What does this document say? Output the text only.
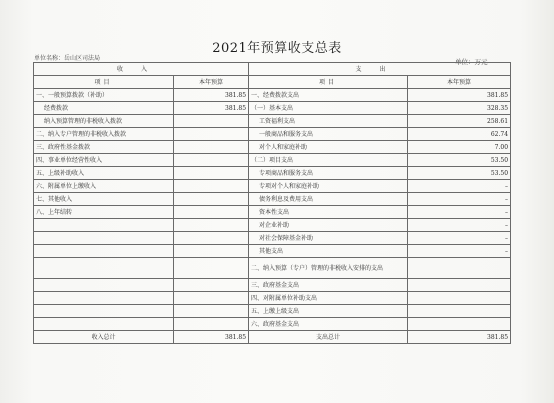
2021年预算收支总表
单位名称：岳山区司法局	单位：万元
收入		支出	
项目	本年预算	项目	本年预算
一、一般预算拨款（补助）	381.85	一、经费拨款支出	381.85
经费拨款	381.85	（一）基本支出	328.35
纳入预算管理的非税收入拨款		工资福利支出	258.61
二、纳入专户管理的非税收入拨款		一般商品和服务支出	62.74
三、政府性基金拨款		对个人和家庭补助	7.00
四、事业单位经营性收入		（二）项目支出	53.50
五、上级补助收入		专项商品和服务支出	53.50
六、附属单位上缴收入		专项对个人和家庭补助	–
七、其他收入		债务利息及费用支出	–
八、上年结转		资本性支出	–
		对企业补助	–
		对社会保障基金补助	–
		其他支出	–
		二、纳入预算（专户）管理的非税收入安排的支出	
		三、政府基金支出	
		四、对附属单位补助支出	
		五、上缴上级支出	
		六、政府基金支出	
收入总计	381.85	支出总计	381.85
